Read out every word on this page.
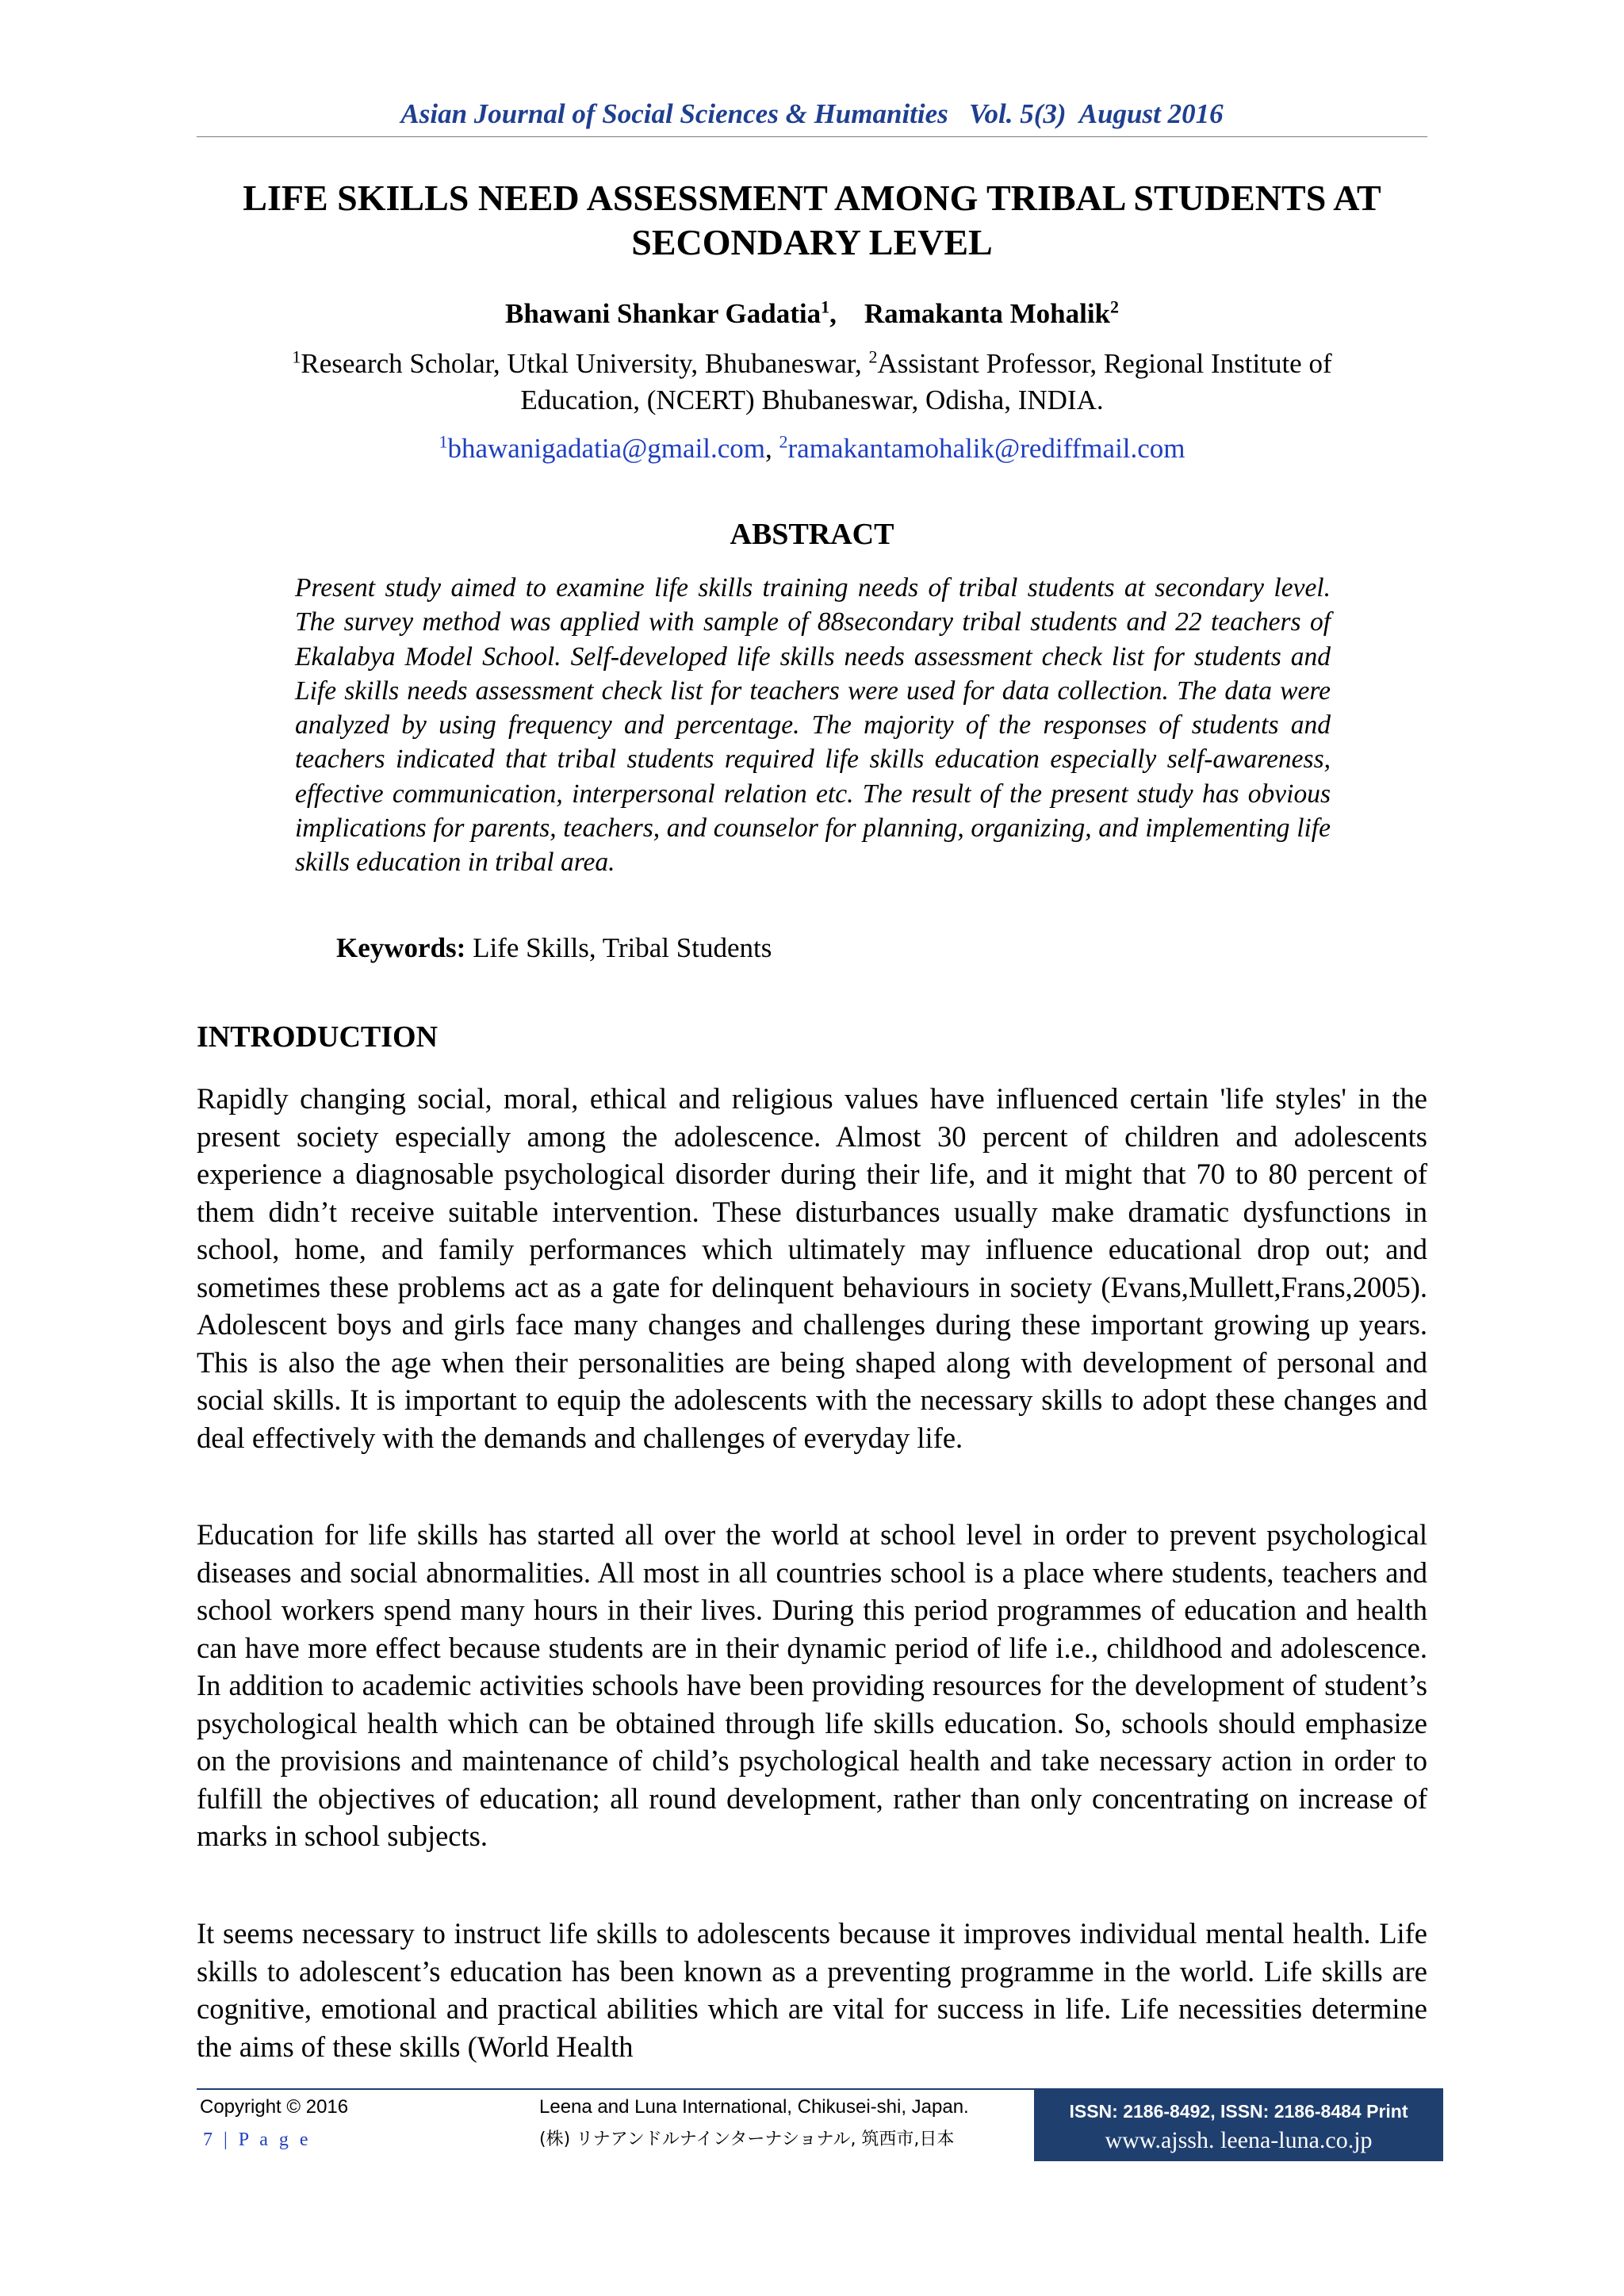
Asian Journal of Social Sciences & Humanities Vol. 5(3) August 2016
LIFE SKILLS NEED ASSESSMENT AMONG TRIBAL STUDENTS AT
SECONDARY LEVEL
Bhawani Shankar Gadatia$^1$,    Ramakanta Mohalik$^2$
$^1$Research Scholar, Utkal University, Bhubaneswar, $^2$Assistant Professor, Regional Institute of
Education, (NCERT) Bhubaneswar, Odisha, INDIA.
$^1$bhawanigadatia@gmail.com, $^2$ramakantamohalik@rediffmail.com
ABSTRACT

Present study aimed to examine life skills training needs of tribal students at secondary level. The survey method was applied with sample of 88secondary tribal students and 22 teachers of Ekalabya Model School. Self-developed life skills needs assessment check list for students and Life skills needs assessment check list for teachers were used for data collection. The data were analyzed by using frequency and percentage. The majority of the responses of students and teachers indicated that tribal students required life skills education especially self-awareness, effective communication, interpersonal relation etc. The result of the present study has obvious implications for parents, teachers, and counselor for planning, organizing, and implementing life skills education in tribal area.

Keywords: Life Skills, Tribal Students
INTRODUCTION

Rapidly changing social, moral, ethical and religious values have influenced certain 'life styles' in the present society especially among the adolescence. Almost 30 percent of children and adolescents experience a diagnosable psychological disorder during their life, and it might that 70 to 80 percent of them didn’t receive suitable intervention. These disturbances usually make dramatic dysfunctions in school, home, and family performances which ultimately may influence educational drop out; and sometimes these problems act as a gate for delinquent behaviours in society (Evans,Mullett,Frans,2005). Adolescent boys and girls face many changes and challenges during these important growing up years. This is also the age when their personalities are being shaped along with development of personal and social skills. It is important to equip the adolescents with the necessary skills to adopt these changes and deal effectively with the demands and challenges of everyday life.

Education for life skills has started all over the world at school level in order to prevent psychological diseases and social abnormalities. All most in all countries school is a place where students, teachers and school workers spend many hours in their lives. During this period programmes of education and health can have more effect because students are in their dynamic period of life i.e., childhood and adolescence. In addition to academic activities schools have been providing resources for the development of student’s psychological health which can be obtained through life skills education. So, schools should emphasize on the provisions and maintenance of child’s psychological health and take necessary action in order to fulfill the objectives of education; all round development, rather than only concentrating on increase of marks in school subjects.

It seems necessary to instruct life skills to adolescents because it improves individual mental health. Life skills to adolescent’s education has been known as a preventing programme in the world. Life skills are cognitive, emotional and practical abilities which are vital for success in life. Life necessities determine the aims of these skills (World Health

Copyright © 2016
7 | P a g e
Leena and Luna International, Chikusei-shi, Japan.
(株) リナアンドルナインターナショナル, 筑西市,日本
ISSN: 2186-8492, ISSN: 2186-8484 Print
www.ajssh. leena-luna.co.jp
